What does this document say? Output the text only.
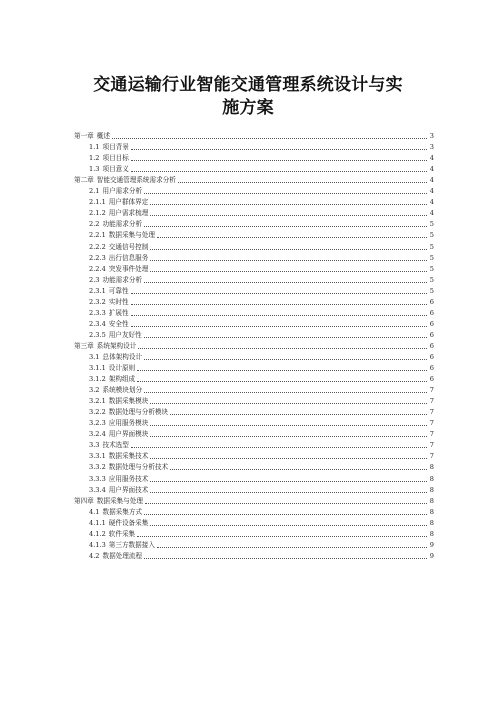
交通运输行业智能交通管理系统设计与实
施方案
第一章 概述	3
1.1 项目背景	3
1.2 项目目标	4
1.3 项目意义	4
第二章 智能交通管理系统需求分析	4
2.1 用户需求分析	4
2.1.1 用户群体界定	4
2.1.2 用户需求梳理	4
2.2 功能需求分析	5
2.2.1 数据采集与处理	5
2.2.2 交通信号控制	5
2.2.3 出行信息服务	5
2.2.4 突发事件处理	5
2.3 功能需求分析	5
2.3.1 可靠性	5
2.3.2 实时性	6
2.3.3 扩展性	6
2.3.4 安全性	6
2.3.5 用户友好性	6
第三章 系统架构设计	6
3.1 总体架构设计	6
3.1.1 设计原则	6
3.1.2 架构组成	6
3.2 系统模块划分	7
3.2.1 数据采集模块	7
3.2.2 数据处理与分析模块	7
3.2.3 应用服务模块	7
3.2.4 用户界面模块	7
3.3 技术选型	7
3.3.1 数据采集技术	7
3.3.2 数据处理与分析技术	8
3.3.3 应用服务技术	8
3.3.4 用户界面技术	8
第四章 数据采集与处理	8
4.1 数据采集方式	8
4.1.1 硬件设备采集	8
4.1.2 软件采集	8
4.1.3 第三方数据接入	9
4.2 数据处理流程	9
